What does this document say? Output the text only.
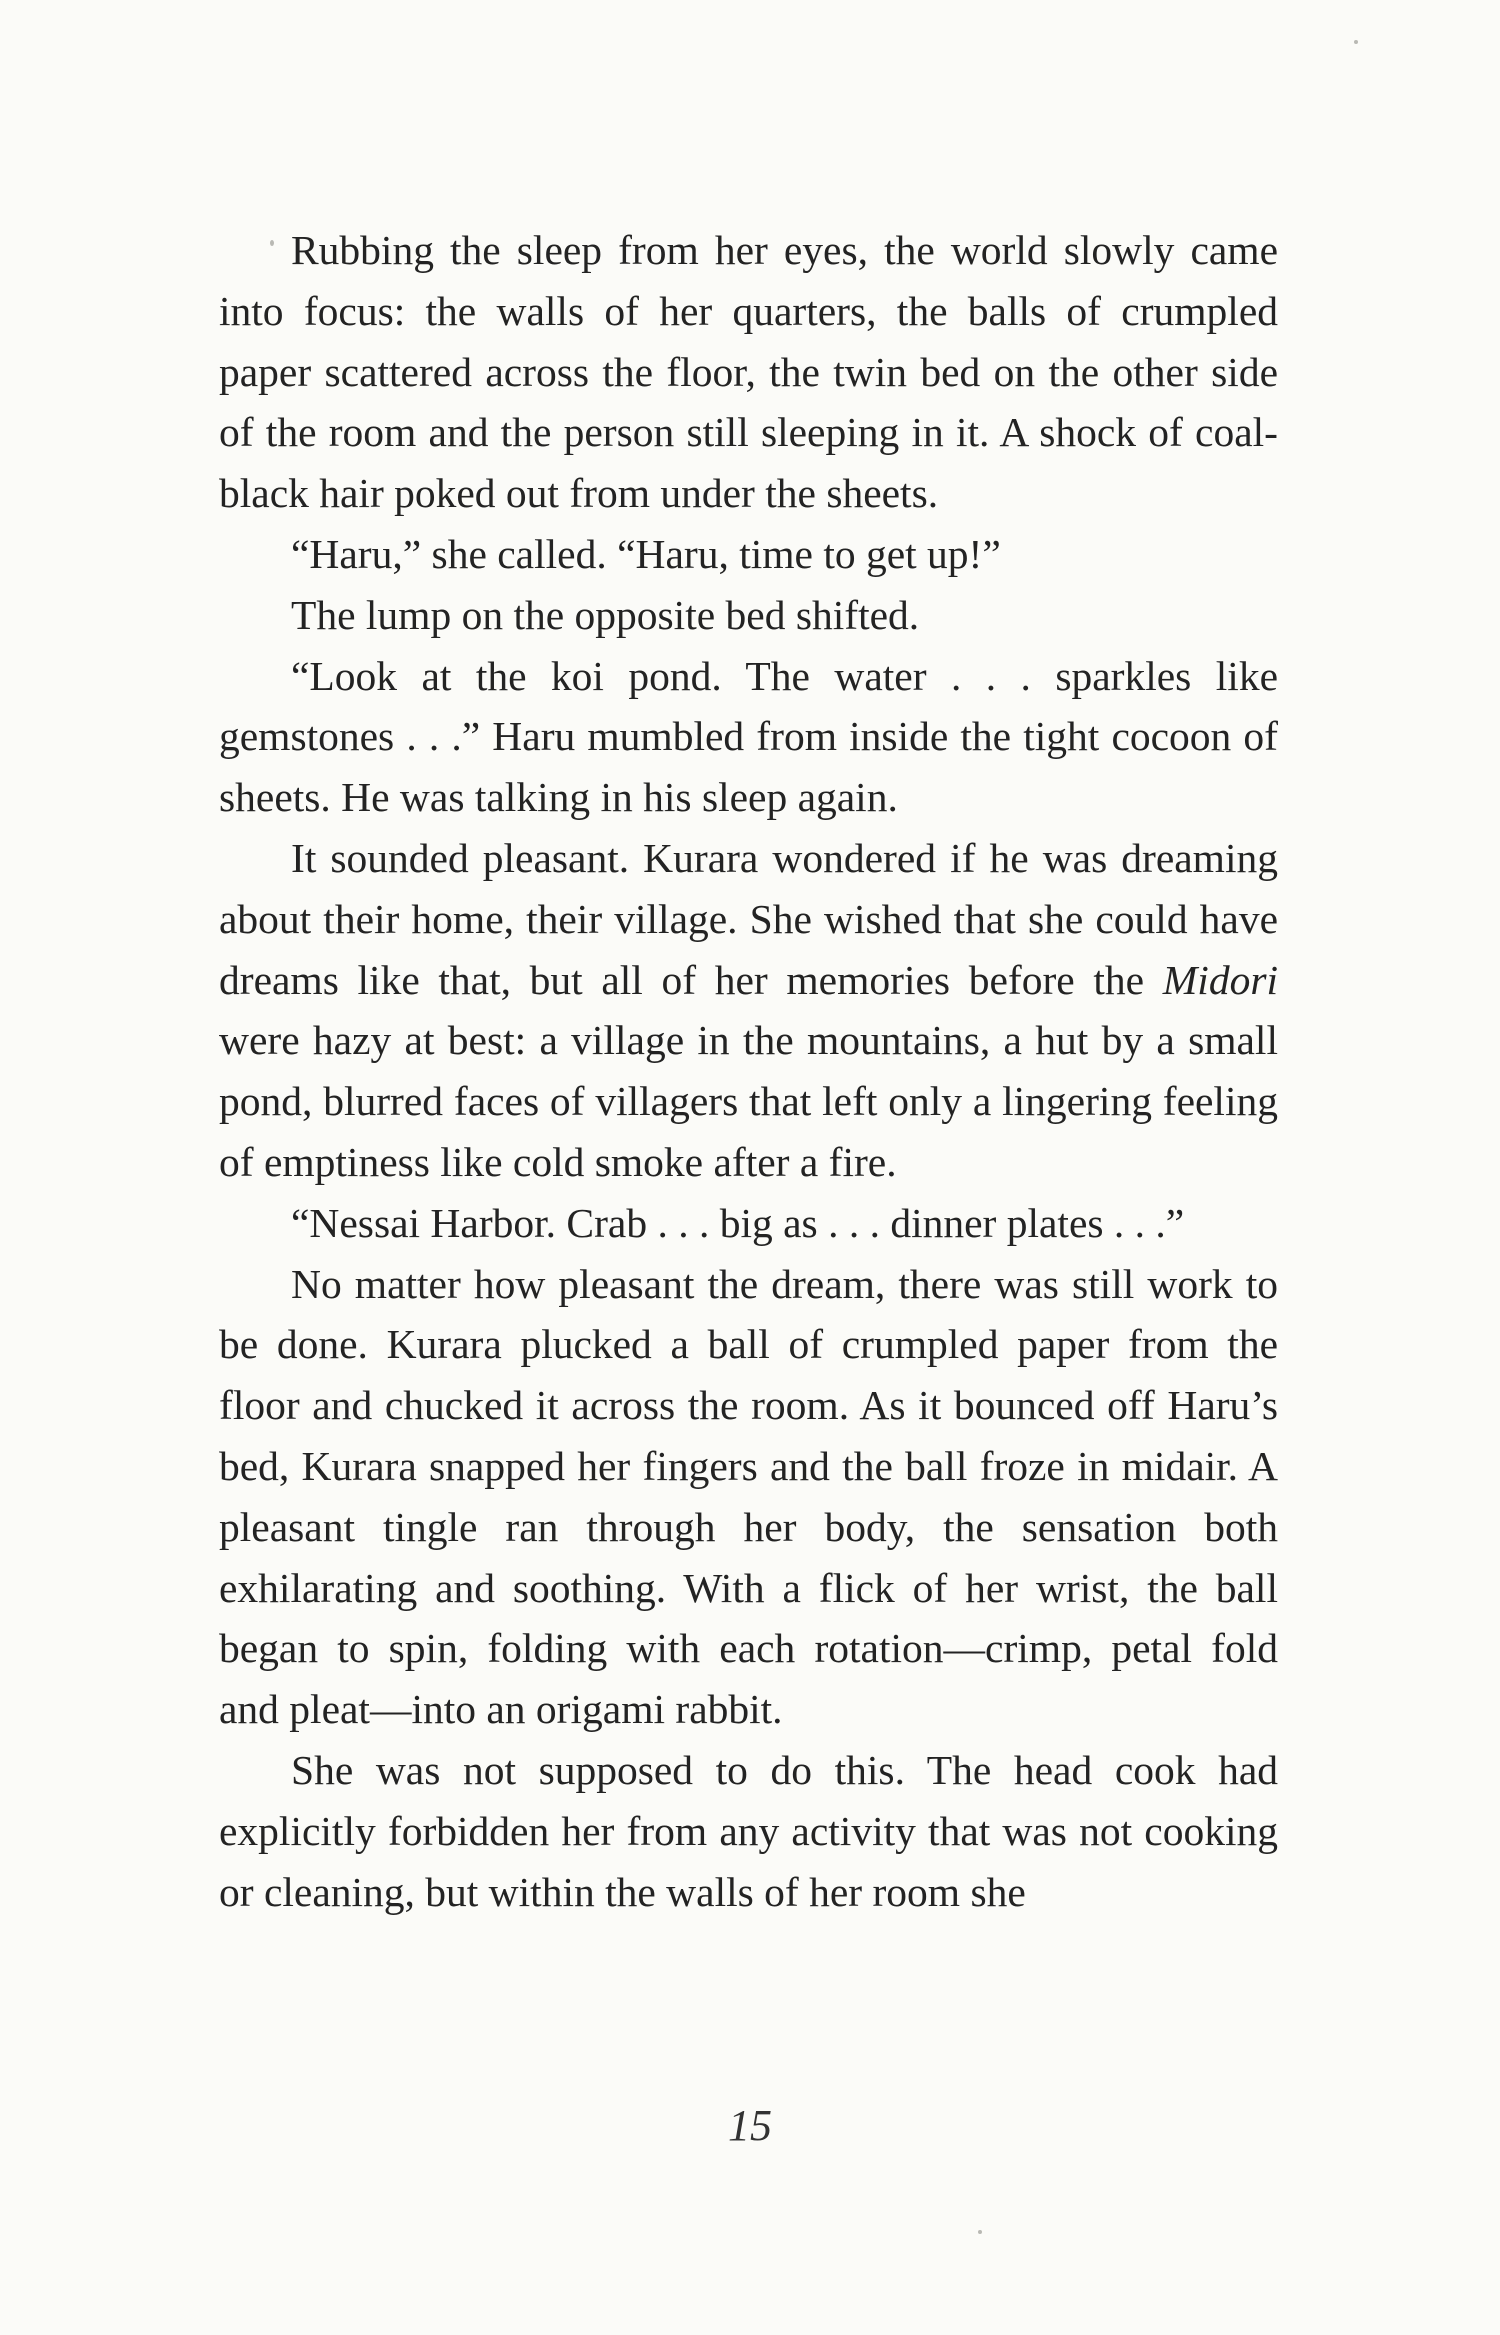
Rubbing the sleep from her eyes, the world slowly came into focus: the walls of her quarters, the balls of crumpled paper scattered across the floor, the twin bed on the other side of the room and the person still sleeping in it. A shock of coal-black hair poked out from under the sheets.

“Haru,” she called. “Haru, time to get up!”

The lump on the opposite bed shifted.

“Look at the koi pond. The water . . . sparkles like gemstones . . .” Haru mumbled from inside the tight cocoon of sheets. He was talking in his sleep again.

It sounded pleasant. Kurara wondered if he was dreaming about their home, their village. She wished that she could have dreams like that, but all of her memories before the Midori were hazy at best: a village in the mountains, a hut by a small pond, blurred faces of villagers that left only a lingering feeling of emptiness like cold smoke after a fire.

“Nessai Harbor. Crab . . . big as . . . dinner plates . . .”

No matter how pleasant the dream, there was still work to be done. Kurara plucked a ball of crumpled paper from the floor and chucked it across the room. As it bounced off Haru’s bed, Kurara snapped her fingers and the ball froze in midair. A pleasant tingle ran through her body, the sensation both exhilarating and soothing. With a flick of her wrist, the ball began to spin, folding with each rotation—crimp, petal fold and pleat—into an origami rabbit.

She was not supposed to do this. The head cook had explicitly forbidden her from any activity that was not cooking or cleaning, but within the walls of her room she

15
